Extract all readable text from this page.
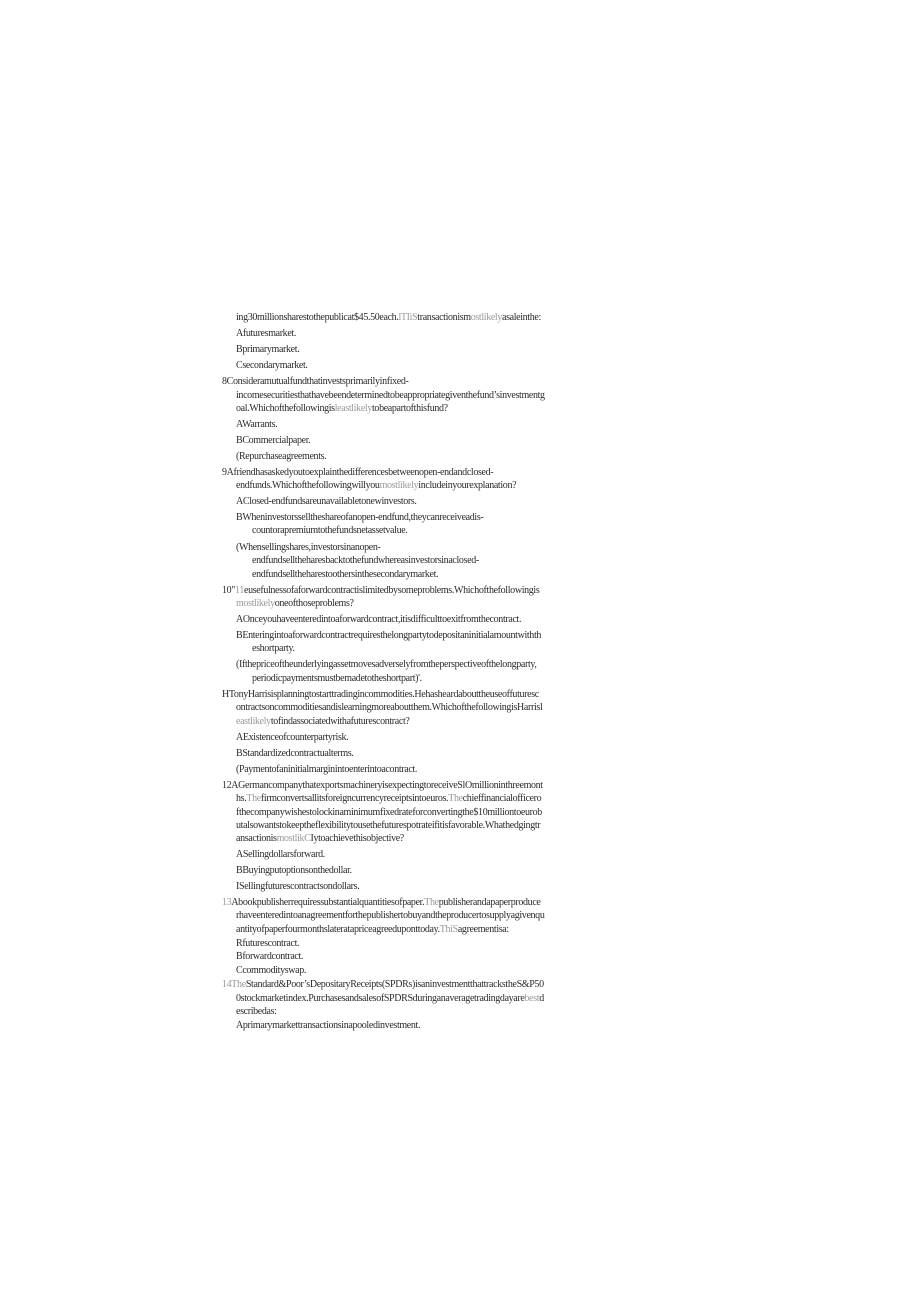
ing30millionsharestothepublicat$45.50each.lTIiStransactionismostlikelyasaleinthe:
Afuturesmarket.
Bprimarymarket.
Csecondarymarket.
8Consideramutualfundthatinvestsprimarilyinfixed-
incomesecuritiesthathavebeendeterminedtobeappropriategiventhefund’sinvestmentg
oal.Whichofthefollowingisleastlikelytobeapartofthisfund?
AWarrants.
BCommercialpaper.
(Repurchaseagreements.
9Afriendhasaskedyoutoexplainthedifferencesbetweenopen-endandclosed-
endfunds.Whichofthefollowingwillyoumostlikelyincludeinyourexplanation?
AClosed-endfundsareunavailabletonewinvestors.
BWheninvestorsselltheshareofanopen-endfund,theycanreceiveadis-
countorapremiumtothefundsnetassetvalue.
(Whensellingshares,investorsinanopen-
endfundselltheharesbacktothefundwhereasinvestorsinaclosed-
endfundselltheharestoothersinthesecondarymarket.
10"11eusefulnessofaforwardcontractislimitedbysomeproblems.Whichofthefollowingis
mostlikelyoneofthoseproblems?
AOnceyouhaveenteredintoaforwardcontract,itisdifficulttoexitfromthecontract.
BEnteringintoaforwardcontractrequiresthelongpartytodepositaninitialamountwithth
eshortparty.
(Ifthepriceoftheunderlyingassetmovesadverselyfromtheperspectiveofthelongparty,
periodicpaymentsmustbemadetotheshortpart)'.
HTonyHarrisisplanningtostarttradingincommodities.Hehasheardabouttheuseoffuturesc
ontractsoncommoditiesandislearningmoreaboutthem.WhichofthefollowingisHarrisl
eastlikelytofindassociatedwithafuturescontract?
AExistenceofcounterpartyrisk.
BStandardizedcontractualterms.
(Paymentofaninitialmarginintoenterintoacontract.
12AGermancompanythatexportsmachineryisexpectingtoreceiveSlOmillioninthreemont
hs.Thefirmconvertsallitsforeigncurrencyreceiptsintoeuros.Thechieffinancialofficero
fthecompanywishestolockinaminimumfixedrateforconvertingthe$10milliontoeurob
utalsowantstokeeptheflexibilitytousethefuturespotrateifitisfavorable.Whathedgingtr
ansactionismostlikCIytoachievethisobjective?
ASellingdollarsforward.
BBuyingputoptionsonthedollar.
ISellingfuturescontractsondollars.
13Abookpublisherrequiressubstantialquantitiesofpaper.Thepublisherandapaperproduce
rhaveenteredintoanagreementforthepublishertobuyandtheproducertosupplyagivenqu
antityofpaperfourmonthslateratapriceagreeduponttoday.ThiSagreementisa:
Rfuturescontract.
Bforwardcontract.
Ccommodityswap.
14TheStandard&Poor’sDepositaryReceipts(SPDRs)isaninvestmentthattrackstheS&P50
0stockmarketindex.PurchasesandsalesofSPDRSduringanaveragetradingdayarebestd
escribedas:
Aprimarymarkettransactionsinapooledinvestment.
